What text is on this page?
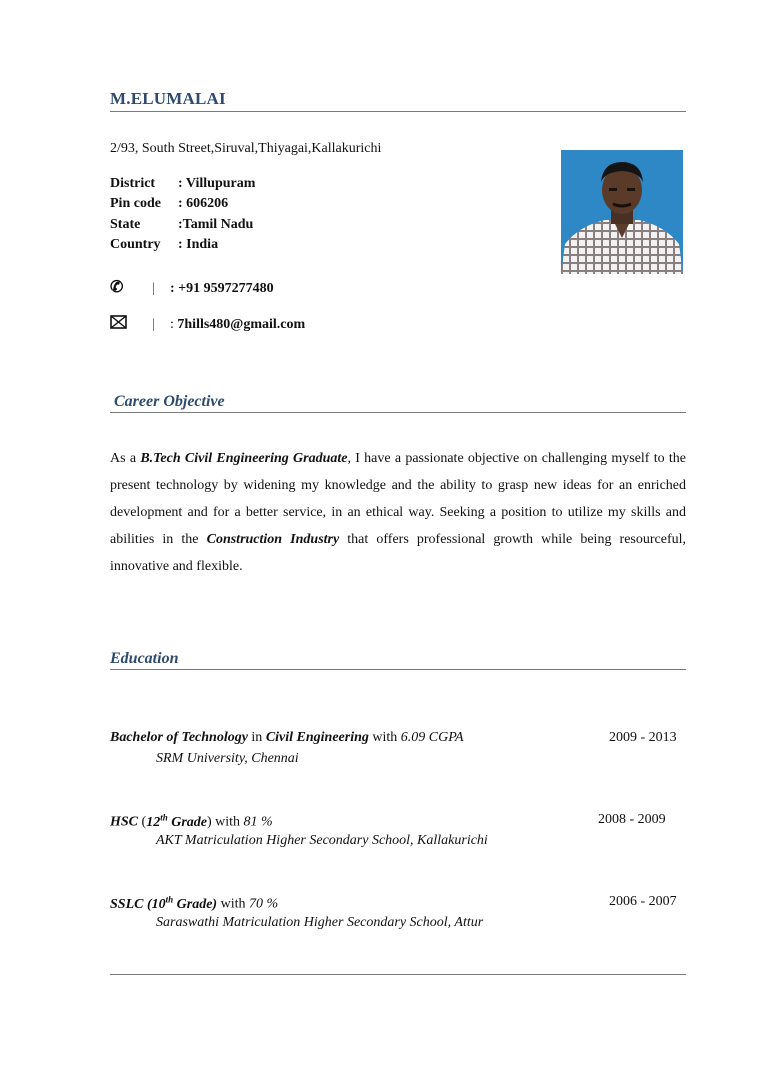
M.ELUMALAI
2/93, South Street,Siruval,Thiyagai,Kallakurichi
District : Villupuram
Pin code : 606206
State	:Tamil Nadu
Country : India
✆ | : +91 9597277480
| : 7hills480@gmail.com
Career Objective
As a B.Tech Civil Engineering Graduate, I have a passionate objective on challenging myself to the present technology by widening my knowledge and the ability to grasp new ideas for an enriched development and for a better service, in an ethical way. Seeking a position to utilize my skills and abilities in the Construction Industry that offers professional growth while being resourceful, innovative and flexible.
Education
Bachelor of Technology in Civil Engineering with 6.09 CGPA	2009 - 2013
SRM University, Chennai
HSC (12th Grade) with 81 %	2008 - 2009
AKT Matriculation Higher Secondary School, Kallakurichi
SSLC (10th Grade) with 70 %	2006 - 2007
Saraswathi Matriculation Higher Secondary School, Attur
